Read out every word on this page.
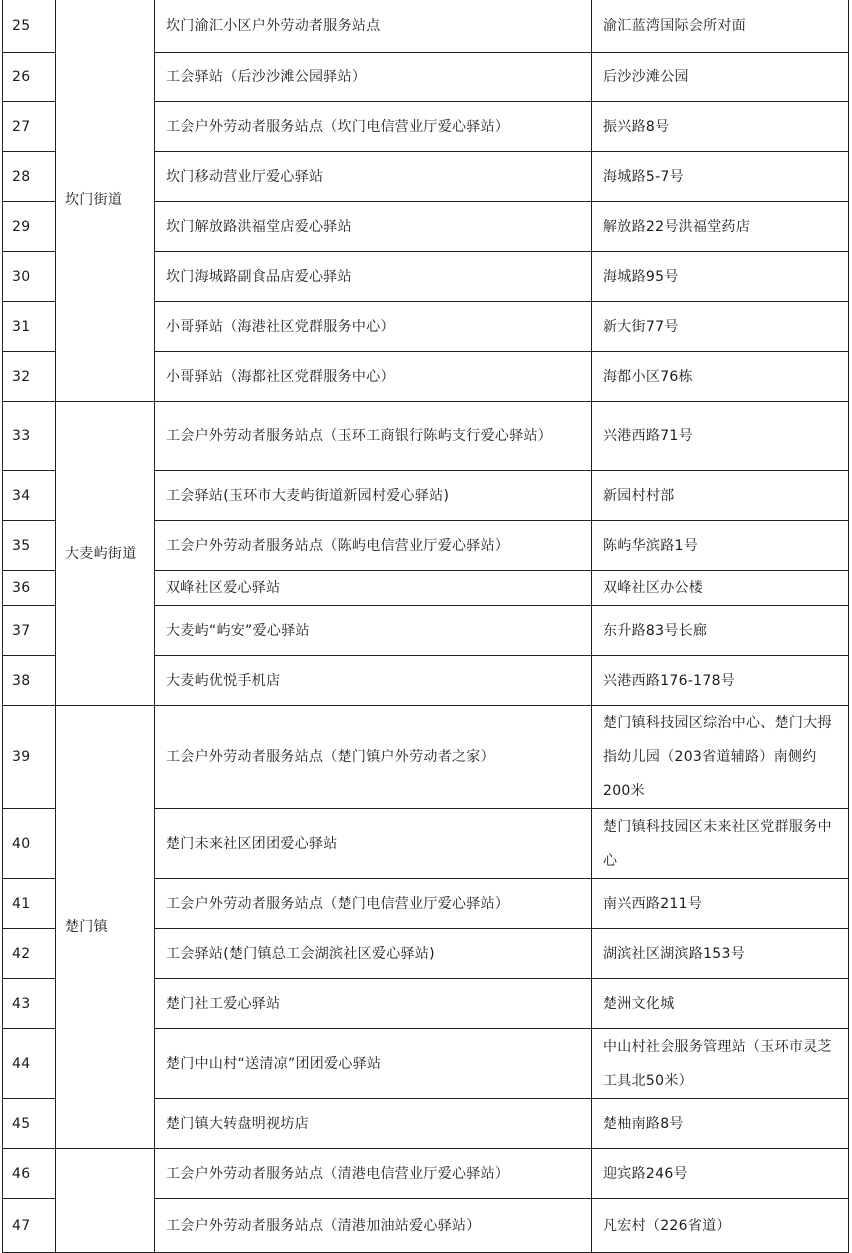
25	坎门街道	坎门渝汇小区户外劳动者服务站点	渝汇蓝湾国际会所对面
26		工会驿站（后沙沙滩公园驿站）	后沙沙滩公园
27		工会户外劳动者服务站点（坎门电信营业厅爱心驿站）	振兴路8号
28		坎门移动营业厅爱心驿站	海城路5-7号
29		坎门解放路洪福堂店爱心驿站	解放路22号洪福堂药店
30		坎门海城路副食品店爱心驿站	海城路95号
31		小哥驿站（海港社区党群服务中心）	新大街77号
32		小哥驿站（海都社区党群服务中心）	海都小区76栋
33	大麦屿街道	工会户外劳动者服务站点（玉环工商银行陈屿支行爱心驿站）	兴港西路71号
34		工会驿站(玉环市大麦屿街道新园村爱心驿站)	新园村村部
35		工会户外劳动者服务站点（陈屿电信营业厅爱心驿站）	陈屿华滨路1号
36		双峰社区爱心驿站	双峰社区办公楼
37		大麦屿“屿安”爱心驿站	东升路83号长廊
38		大麦屿优悦手机店	兴港西路176-178号
39	楚门镇	工会户外劳动者服务站点（楚门镇户外劳动者之家）	楚门镇科技园区综治中心、楚门大拇指幼儿园（203省道辅路）南侧约200米
40		楚门未来社区团团爱心驿站	楚门镇科技园区未来社区党群服务中心
41		工会户外劳动者服务站点（楚门电信营业厅爱心驿站）	南兴西路211号
42		工会驿站(楚门镇总工会湖滨社区爱心驿站)	湖滨社区湖滨路153号
43		楚门社工爱心驿站	楚洲文化城
44		楚门中山村“送清凉”团团爱心驿站	中山村社会服务管理站（玉环市灵芝工具北50米）
45		楚门镇大转盘明视坊店	楚柚南路8号
46		工会户外劳动者服务站点（清港电信营业厅爱心驿站）	迎宾路246号
47		工会户外劳动者服务站点（清港加油站爱心驿站）	凡宏村（226省道）
